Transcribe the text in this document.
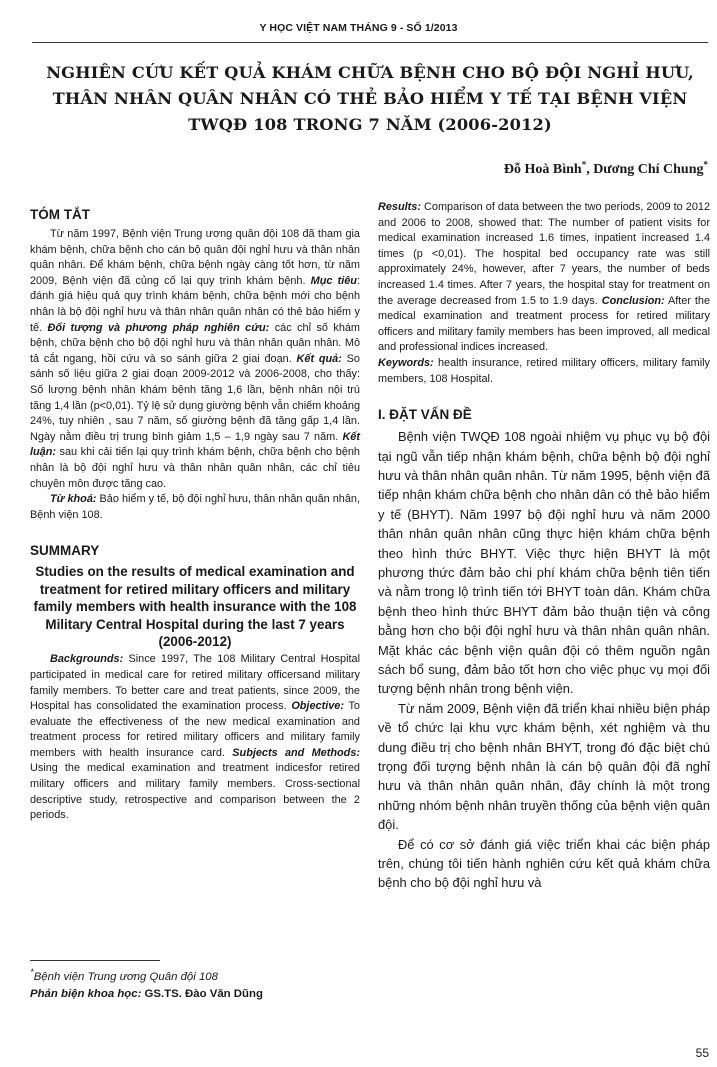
Y HỌC VIỆT NAM THÁNG 9 - SỐ 1/2013
NGHIÊN CỨU KẾT QUẢ KHÁM CHỮA BỆNH CHO BỘ ĐỘI NGHỈ HƯU,
THÂN NHÂN QUÂN NHÂN CÓ THẺ BẢO HIỂM Y TẾ TẠI BỆNH VIỆN
TWQĐ 108 TRONG 7 NĂM (2006-2012)
Đỗ Hoà Bình*, Dương Chí Chung*
TÓM TẮT

Từ năm 1997, Bệnh viện Trung ương quân đội 108 đã tham gia khám bệnh, chữa bệnh cho cán bộ quân đội nghỉ hưu và thân nhân quân nhân. Để khám bệnh, chữa bệnh ngày càng tốt hơn, từ năm 2009, Bệnh viện đã củng cố lại quy trình khám bệnh. Mục tiêu: đánh giá hiệu quả quy trình khám bệnh, chữa bệnh mới cho bệnh nhân là bộ đội nghỉ hưu và thân nhân quân nhân có thẻ bảo hiểm y tế. Đối tượng và phương pháp nghiên cứu: các chỉ số khám bệnh, chữa bệnh cho bộ đội nghỉ hưu và thân nhân quân nhân. Mô tả cắt ngang, hồi cứu và so sánh giữa 2 giai đoạn. Kết quả: So sánh số liệu giữa 2 giai đoạn 2009-2012 và 2006-2008, cho thấy: Số lượng bệnh nhân khám bệnh tăng 1,6 lần, bệnh nhân nội trú tăng 1,4 lần (p<0,01). Tỷ lệ sử dụng giường bệnh vẫn chiếm khoảng 24%, tuy nhiên , sau 7 năm, số giường bệnh đã tăng gấp 1,4 lần. Ngày nằm điều trị trung bình giảm 1,5 – 1,9 ngày sau 7 năm. Kết luận: sau khi cải tiến lại quy trình khám bệnh, chữa bệnh cho bệnh nhân là bộ đội nghỉ hưu và thân nhân quân nhân, các chỉ tiêu chuyên môn được tăng cao.

Từ khoá: Bảo hiểm y tế, bộ đội nghỉ hưu, thân nhân quân nhân, Bệnh viện 108.

SUMMARY
Studies on the results of medical examination and treatment for retired military officers and military family members with health insurance with the 108 Military Central Hospital during the last 7 years (2006-2012)

Backgrounds: Since 1997, The 108 Military Central Hospital participated in medical care for retired military officersand military family members. To better care and treat patients, since 2009, the Hospital has consolidated the examination process. Objective: To evaluate the effectiveness of the new medical examination and treatment process for retired military officers and military family members with health insurance card. Subjects and Methods: Using the medical examination and treatment indicesfor retired military officers and military family members. Cross-sectional descriptive study, retrospective and comparison between the 2 periods.

Results: Comparison of data between the two periods, 2009 to 2012 and 2006 to 2008, showed that: The number of patient visits for medical examination increased 1.6 times, inpatient increased 1.4 times (p <0,01). The hospital bed occupancy rate was still approximately 24%, however, after 7 years, the number of beds increased 1.4 times. After 7 years, the hospital stay for treatment on the average decreased from 1.5 to 1.9 days. Conclusion: After the medical examination and treatment process for retired military officers and military family members has been improved, all medical and professional indices increased.

Keywords: health insurance, retired military officers, military family members, 108 Hospital.

I. ĐẶT VẤN ĐỀ

Bệnh viện TWQĐ 108 ngoài nhiệm vụ phục vụ bộ đội tại ngũ vẫn tiếp nhận khám bệnh, chữa bệnh bộ đội nghỉ hưu và thân nhân quân nhân. Từ năm 1995, bệnh viện đã tiếp nhận khám chữa bệnh cho nhân dân có thẻ bảo hiểm y tế (BHYT). Năm 1997 bộ đội nghỉ hưu và năm 2000 thân nhân quân nhân cũng thực hiện khám chữa bệnh theo hình thức BHYT. Việc thực hiện BHYT là một phương thức đảm bảo chi phí khám chữa bệnh tiên tiến và nằm trong lộ trình tiến tới BHYT toàn dân. Khám chữa bệnh theo hình thức BHYT đảm bảo thuận tiện và công bằng hơn cho bội đội nghỉ hưu và thân nhân quân nhân. Mặt khác các bệnh viện quân đội có thêm nguồn ngân sách bổ sung, đảm bảo tốt hơn cho việc phục vụ mọi đối tượng bệnh nhân trong bệnh viện.

Từ năm 2009, Bệnh viện đã triển khai nhiều biện pháp về tổ chức lại khu vực khám bệnh, xét nghiệm và thu dung điều trị cho bệnh nhân BHYT, trong đó đặc biệt chú trọng đối tượng bệnh nhân là cán bộ quân đội đã nghỉ hưu và thân nhân quân nhân, đây chính là một trong những nhóm bệnh nhân truyền thống của bệnh viện quân đội.

Để có cơ sở đánh giá việc triển khai các biện pháp trên, chúng tôi tiến hành nghiên cứu kết quả khám chữa bệnh cho bộ đội nghỉ hưu và

*Bệnh viện Trung ương Quân đội 108
Phản biện khoa học: GS.TS. Đào Văn Dũng
55
